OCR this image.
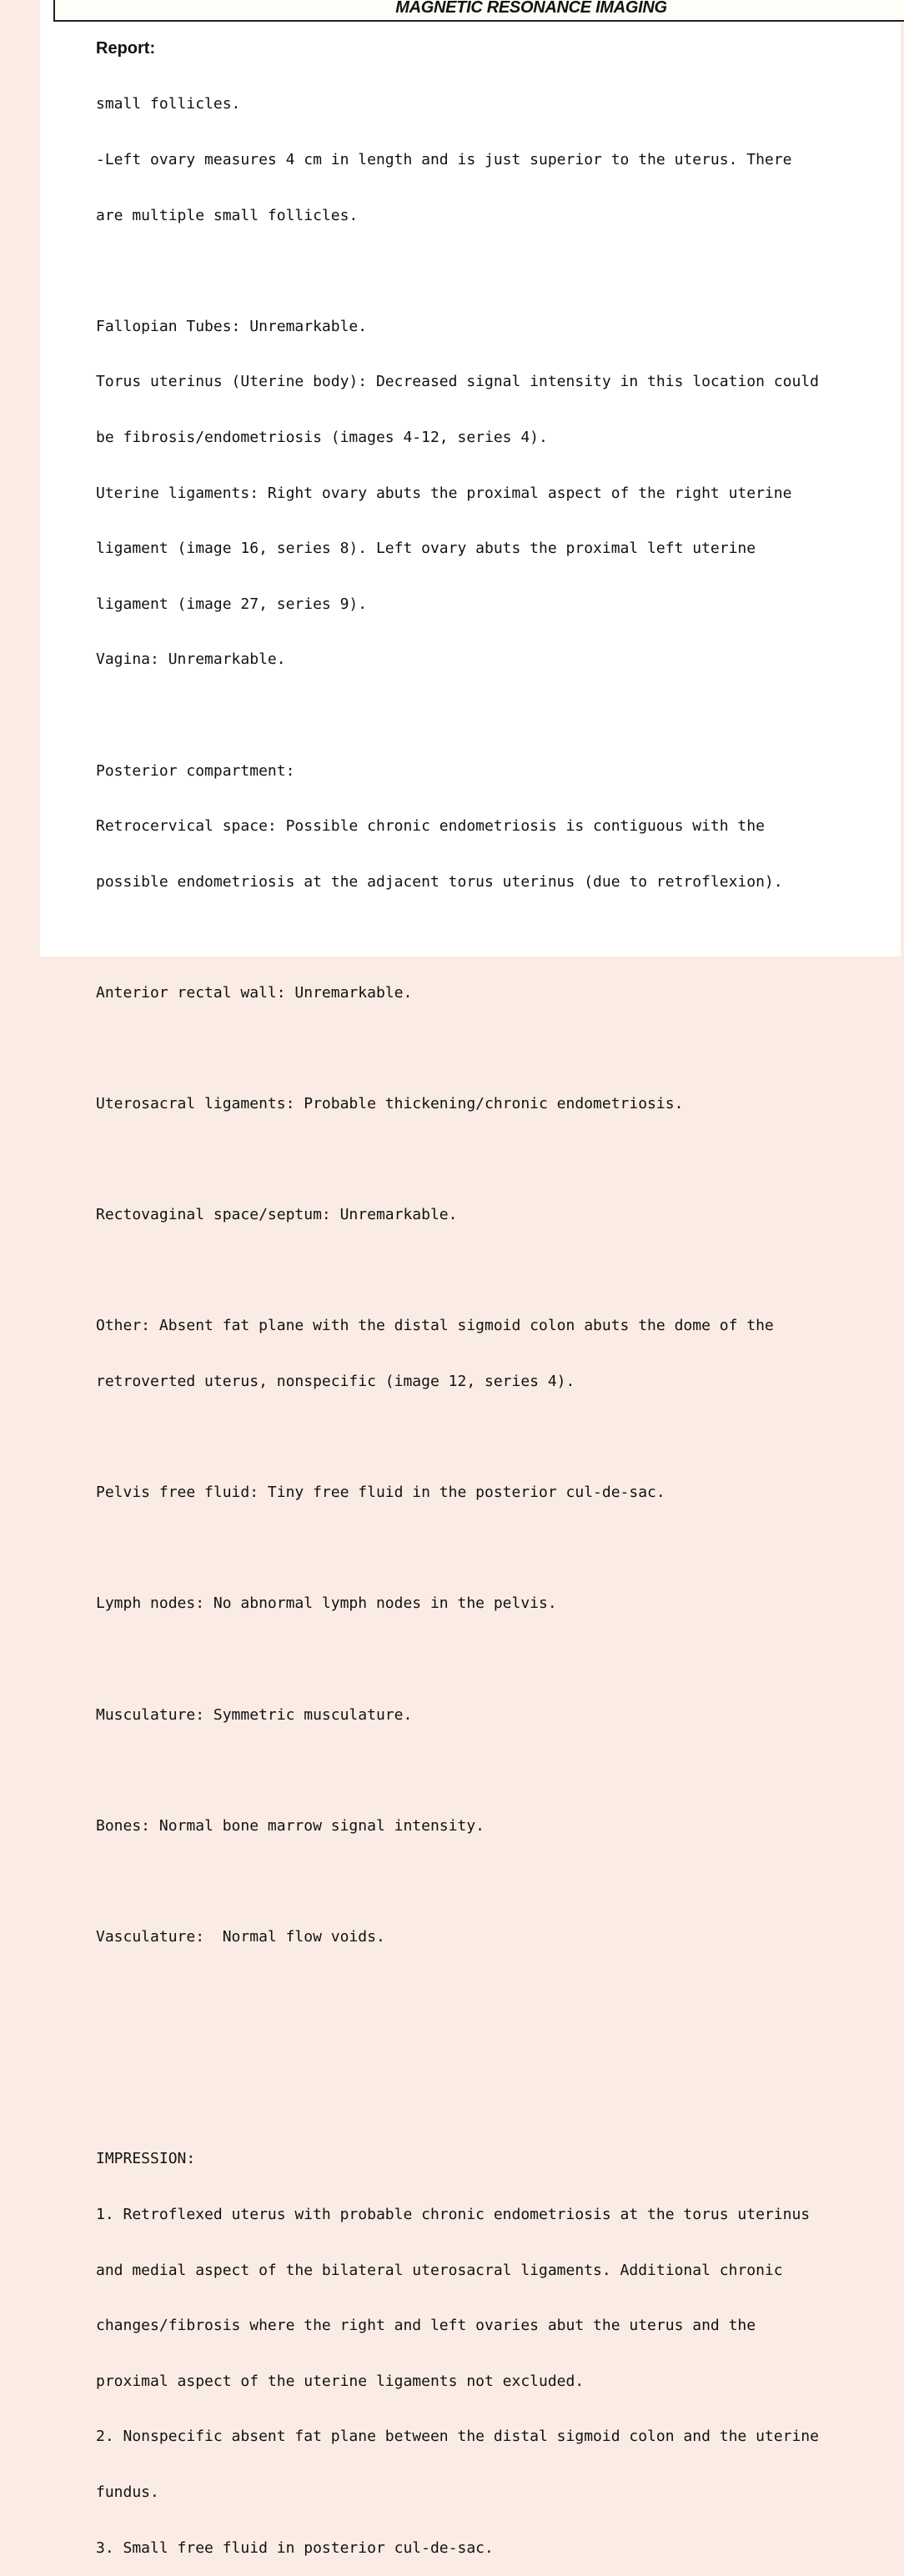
MAGNETIC RESONANCE IMAGING
Report:

small follicles.

-Left ovary measures 4 cm in length and is just superior to the uterus. There

are multiple small follicles.

Fallopian Tubes: Unremarkable.

Torus uterinus (Uterine body): Decreased signal intensity in this location could

be fibrosis/endometriosis (images 4-12, series 4).

Uterine ligaments: Right ovary abuts the proximal aspect of the right uterine

ligament (image 16, series 8). Left ovary abuts the proximal left uterine

ligament (image 27, series 9).

Vagina: Unremarkable.

Posterior compartment:

Retrocervical space: Possible chronic endometriosis is contiguous with the

possible endometriosis at the adjacent torus uterinus (due to retroflexion).

Anterior rectal wall: Unremarkable.

Uterosacral ligaments: Probable thickening/chronic endometriosis.

Rectovaginal space/septum: Unremarkable.

Other: Absent fat plane with the distal sigmoid colon abuts the dome of the

retroverted uterus, nonspecific (image 12, series 4).

Pelvis free fluid: Tiny free fluid in the posterior cul-de-sac.

Lymph nodes: No abnormal lymph nodes in the pelvis.

Musculature: Symmetric musculature.

Bones: Normal bone marrow signal intensity.

Vasculature:  Normal flow voids.

IMPRESSION:

1. Retroflexed uterus with probable chronic endometriosis at the torus uterinus

and medial aspect of the bilateral uterosacral ligaments. Additional chronic

changes/fibrosis where the right and left ovaries abut the uterus and the

proximal aspect of the uterine ligaments not excluded.

2. Nonspecific absent fat plane between the distal sigmoid colon and the uterine

fundus.

3. Small free fluid in posterior cul-de-sac.
